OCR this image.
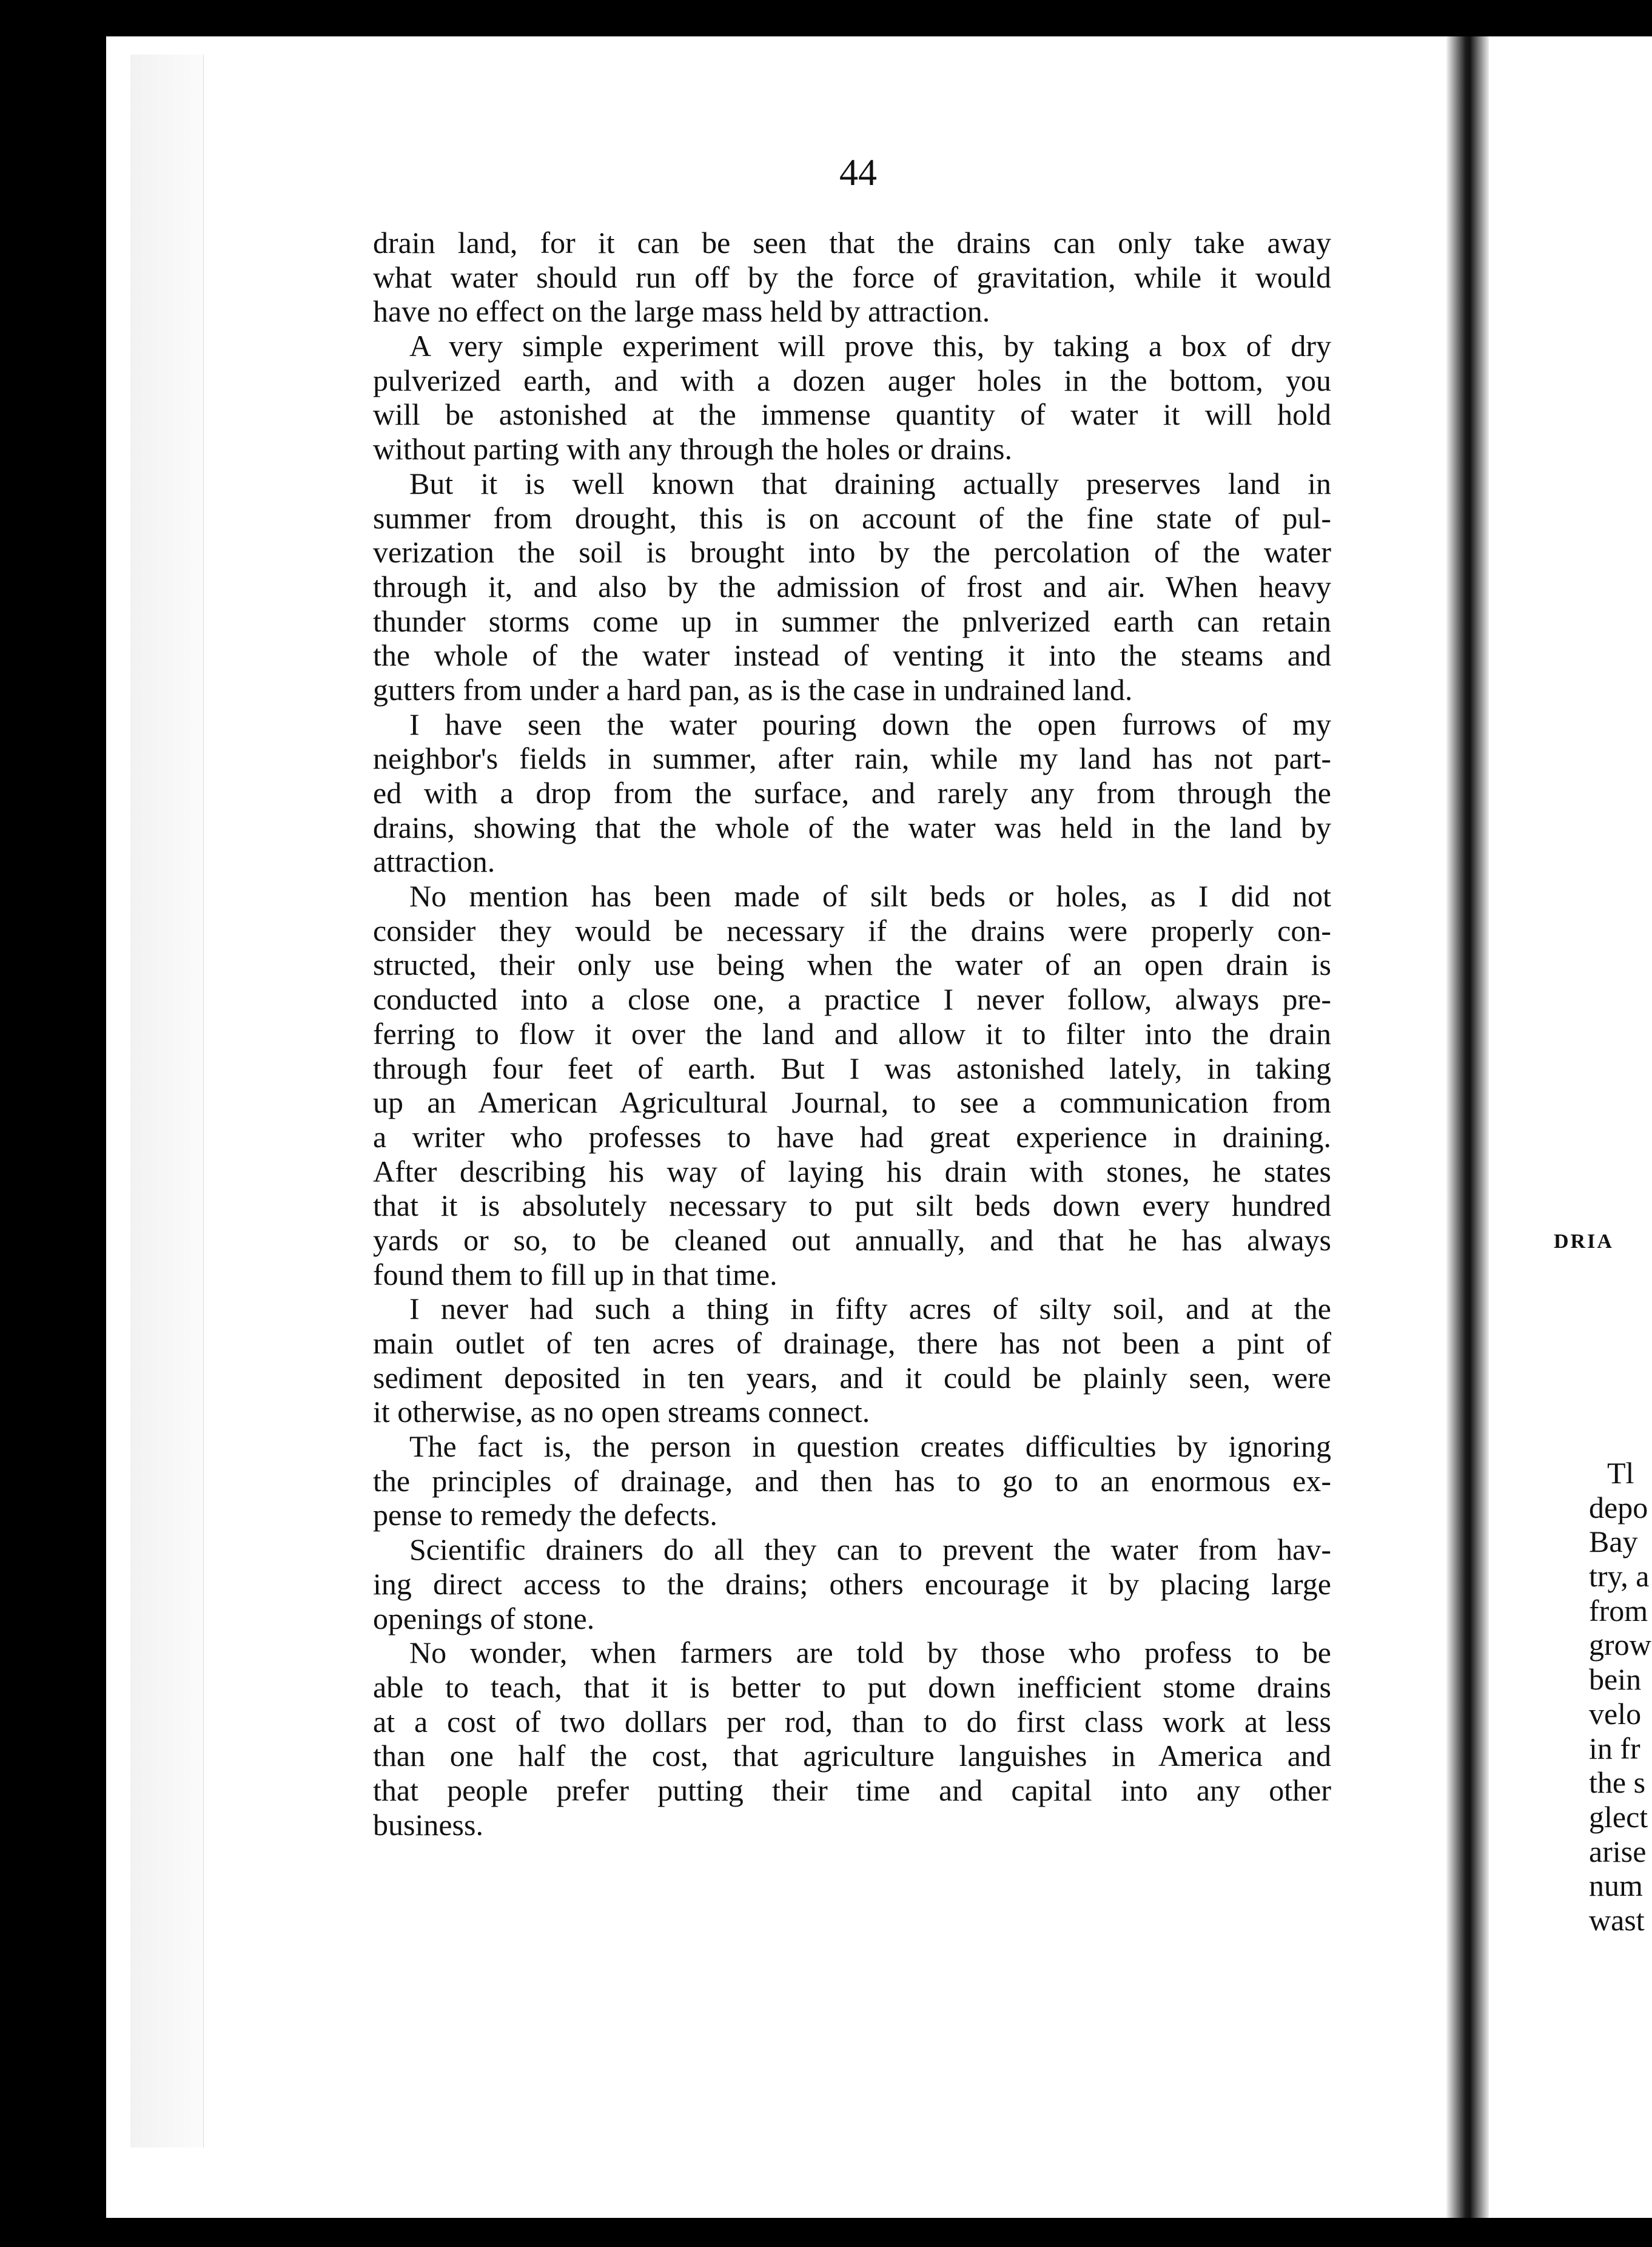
44
drain land, for it can be seen that the drains can only take away
what water should run off by the force of gravitation, while it would
have no effect on the large mass held by attraction.
A very simple experiment will prove this, by taking a box of dry
pulverized earth, and with a dozen auger holes in the bottom, you
will be astonished at the immense quantity of water it will hold
without parting with any through the holes or drains.
But it is well known that draining actually preserves land in
summer from drought, this is on account of the fine state of pul-
verization the soil is brought into by the percolation of the water
through it, and also by the admission of frost and air. When heavy
thunder storms come up in summer the pnlverized earth can retain
the whole of the water instead of venting it into the steams and
gutters from under a hard pan, as is the case in undrained land.
I have seen the water pouring down the open furrows of my
neighbor's fields in summer, after rain, while my land has not part-
ed with a drop from the surface, and rarely any from through the
drains, showing that the whole of the water was held in the land by
attraction.
No mention has been made of silt beds or holes, as I did not
consider they would be necessary if the drains were properly con-
structed, their only use being when the water of an open drain is
conducted into a close one, a practice I never follow, always pre-
ferring to flow it over the land and allow it to filter into the drain
through four feet of earth. But I was astonished lately, in taking
up an American Agricultural Journal, to see a communication from
a writer who professes to have had great experience in draining.
After describing his way of laying his drain with stones, he states
that it is absolutely necessary to put silt beds down every hundred
yards or so, to be cleaned out annually, and that he has always
found them to fill up in that time.
I never had such a thing in fifty acres of silty soil, and at the
main outlet of ten acres of drainage, there has not been a pint of
sediment deposited in ten years, and it could be plainly seen, were
it otherwise, as no open streams connect.
The fact is, the person in question creates difficulties by ignoring
the principles of drainage, and then has to go to an enormous ex-
pense to remedy the defects.
Scientific drainers do all they can to prevent the water from hav-
ing direct access to the drains; others encourage it by placing large
openings of stone.
No wonder, when farmers are told by those who profess to be
able to teach, that it is better to put down inefficient stome drains
at a cost of two dollars per rod, than to do first class work at less
than one half the cost, that agriculture languishes in America and
that people prefer putting their time and capital into any other
business.
DRIA
Tl
depo
Bay
try, a
from
grow
bein
velo
in fr
the s
glect
arise
num
wast
